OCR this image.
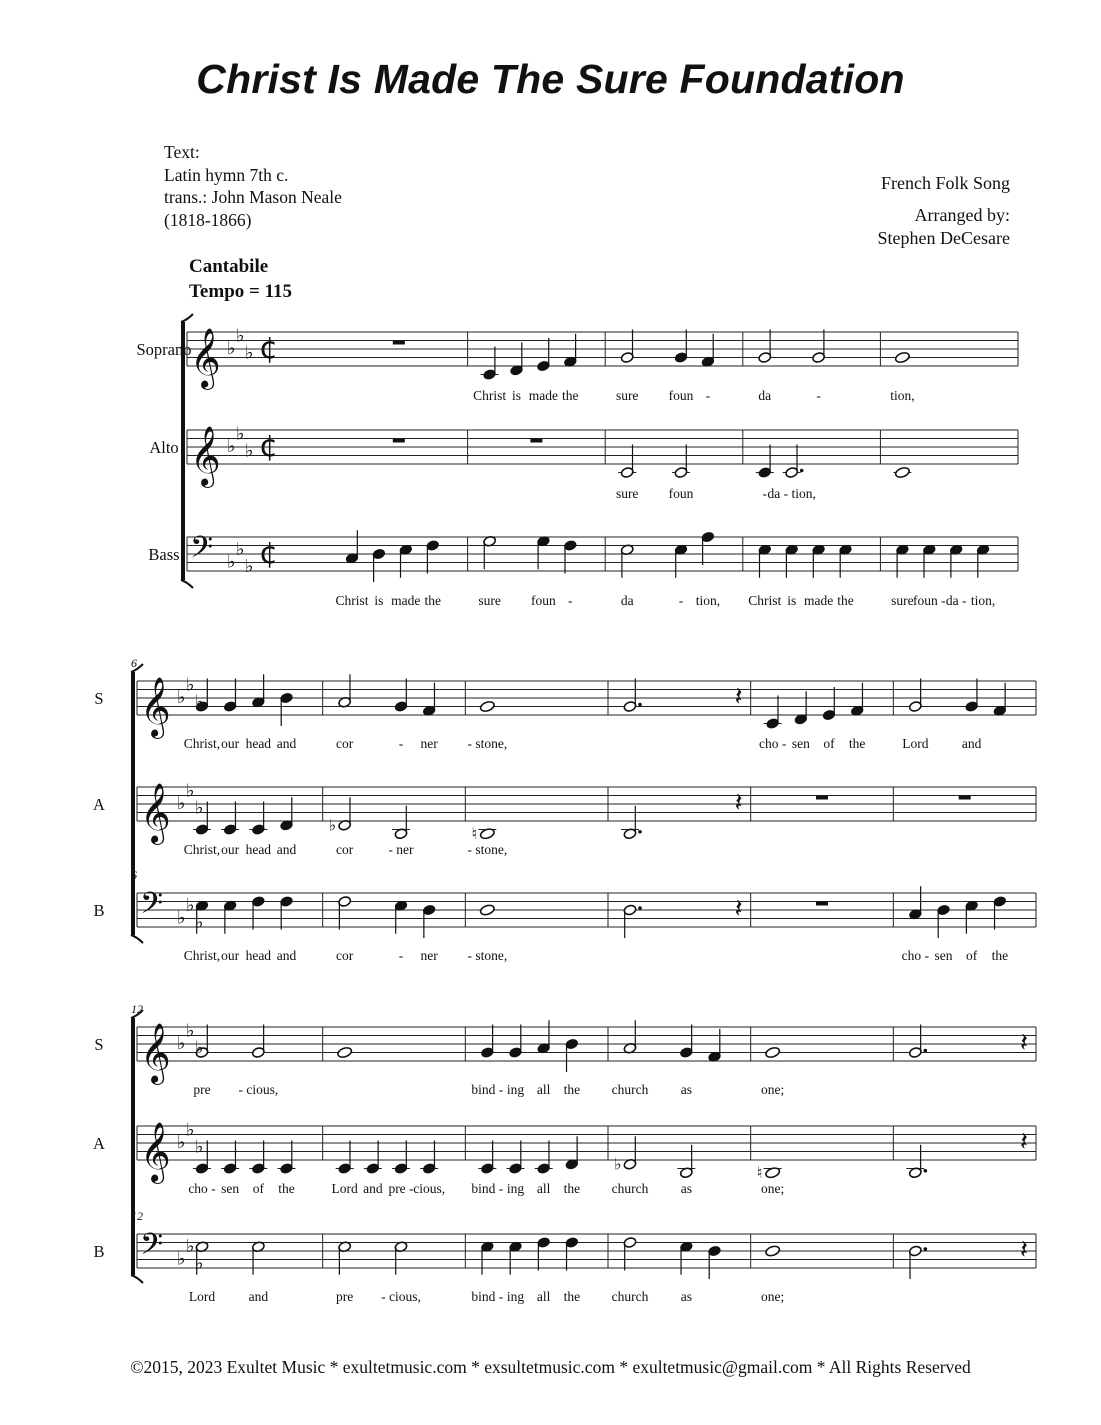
Christ Is Made The Sure Foundation
Text:
Latin hymn 7th c.
trans.: John Mason Neale
(1818-1866)
French Folk Song
Arranged by:
Stephen DeCesare
Cantabile
Tempo = 115
Soprano
𝄞 ♭
♭
♭ ¢
Christ is made the	sure foun -	da	-	tion,
Alto 𝄞 ♭
♭
♭ ¢
sure foun	- da - tion,
Bass 𝄢 ♭
♭
♭ ¢
Christ is made the	sure foun -	da	- tion, Christ is made the	sure foun - da - tion,
6
6
S 𝄞 ♭
♭
♭
Christ, our head and	cor	- ner - stone,
𝄽
cho - sen of the	Lord and
A 𝄞 ♭
♭
♭
Christ, our head and
♭
cor	- ner
♮
- stone,
𝄽
B 𝄢 ♭
♭
♭
Christ, our head and	cor	- ner - stone,
𝄽
cho - sen of the
12
12
S 𝄞 ♭
♭
♭
pre - cious,	bind - ing all the church as	one;
𝄽
A 𝄞 ♭
♭
♭
cho - sen of the	Lord and pre - cious, bind - ing all the
♭
church as
♮
one;
𝄽
B 𝄢 ♭
♭
♭
Lord and	pre - cious,	bind - ing all the church as	one;
𝄽
©2015, 2023 Exultet Music * exultetmusic.com * exsultetmusic.com * exultetmusic@gmail.com * All Rights Reserved
